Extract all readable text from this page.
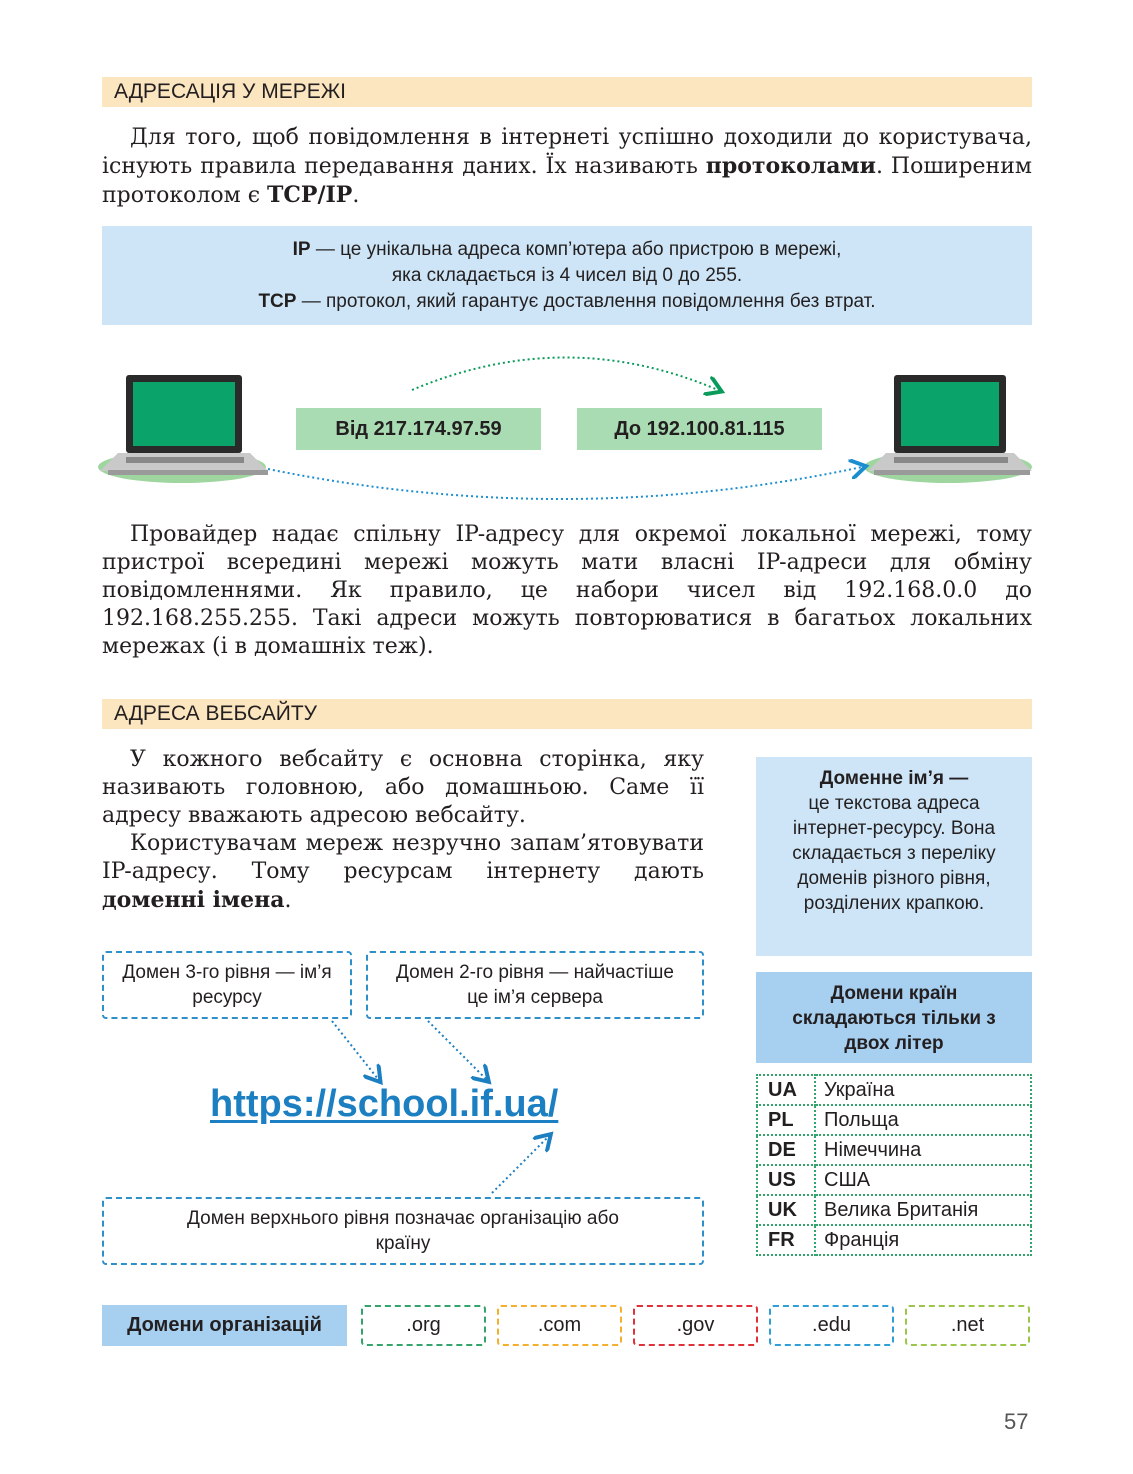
АДРЕСАЦІЯ У МЕРЕЖІ

Для того, щоб повідомлення в інтернеті успішно доходили до користувача, існують правила передавання даних. Їх називають протоколами. Поширеним протоколом є TCP/IP.

IP — це унікальна адреса комп’ютера або пристрою в мережі,
яка складається із 4 чисел від 0 до 255.
TCP — протокол, який гарантує доставлення повідомлення без втрат.
Від 217.174.97.59	До 192.100.81.115

Провайдер надає спільну IP-адресу для окремої локальної мережі, тому пристрої всередині мережі можуть мати власні IP-адреси для обміну повідомленнями. Як правило, це набори чисел від 192.168.0.0 до 192.168.255.255. Такі адреси можуть повторюватися в багатьох локальних мережах (і в домашніх теж).

АДРЕСА ВЕБСАЙТУ

У кожного вебсайту є основна сторінка, яку називають головною, або домашньою. Саме її адресу вважають адресою вебсайту.

Користувачам мереж незручно запам’ятовувати IP-адресу. Тому ресурсам інтернету дають доменні імена.

Доменне ім’я —
це текстова адреса інтернет-ресурсу. Вона складається з переліку доменів різного рівня, розділених крапкою.
Домени країн складаються тільки з двох літер
UA	Україна
PL	Польща
DE	Німеччина
US	США
UK	Велика Британія
FR	Франція
Домен 3-го рівня — ім’я ресурсу
Домен 2-го рівня — найчастіше це ім’я сервера
https://school.if.ua/
Домен верхнього рівня позначає організацію або країну
Домени організацій	.org	.com	.gov	.edu	.net
57
